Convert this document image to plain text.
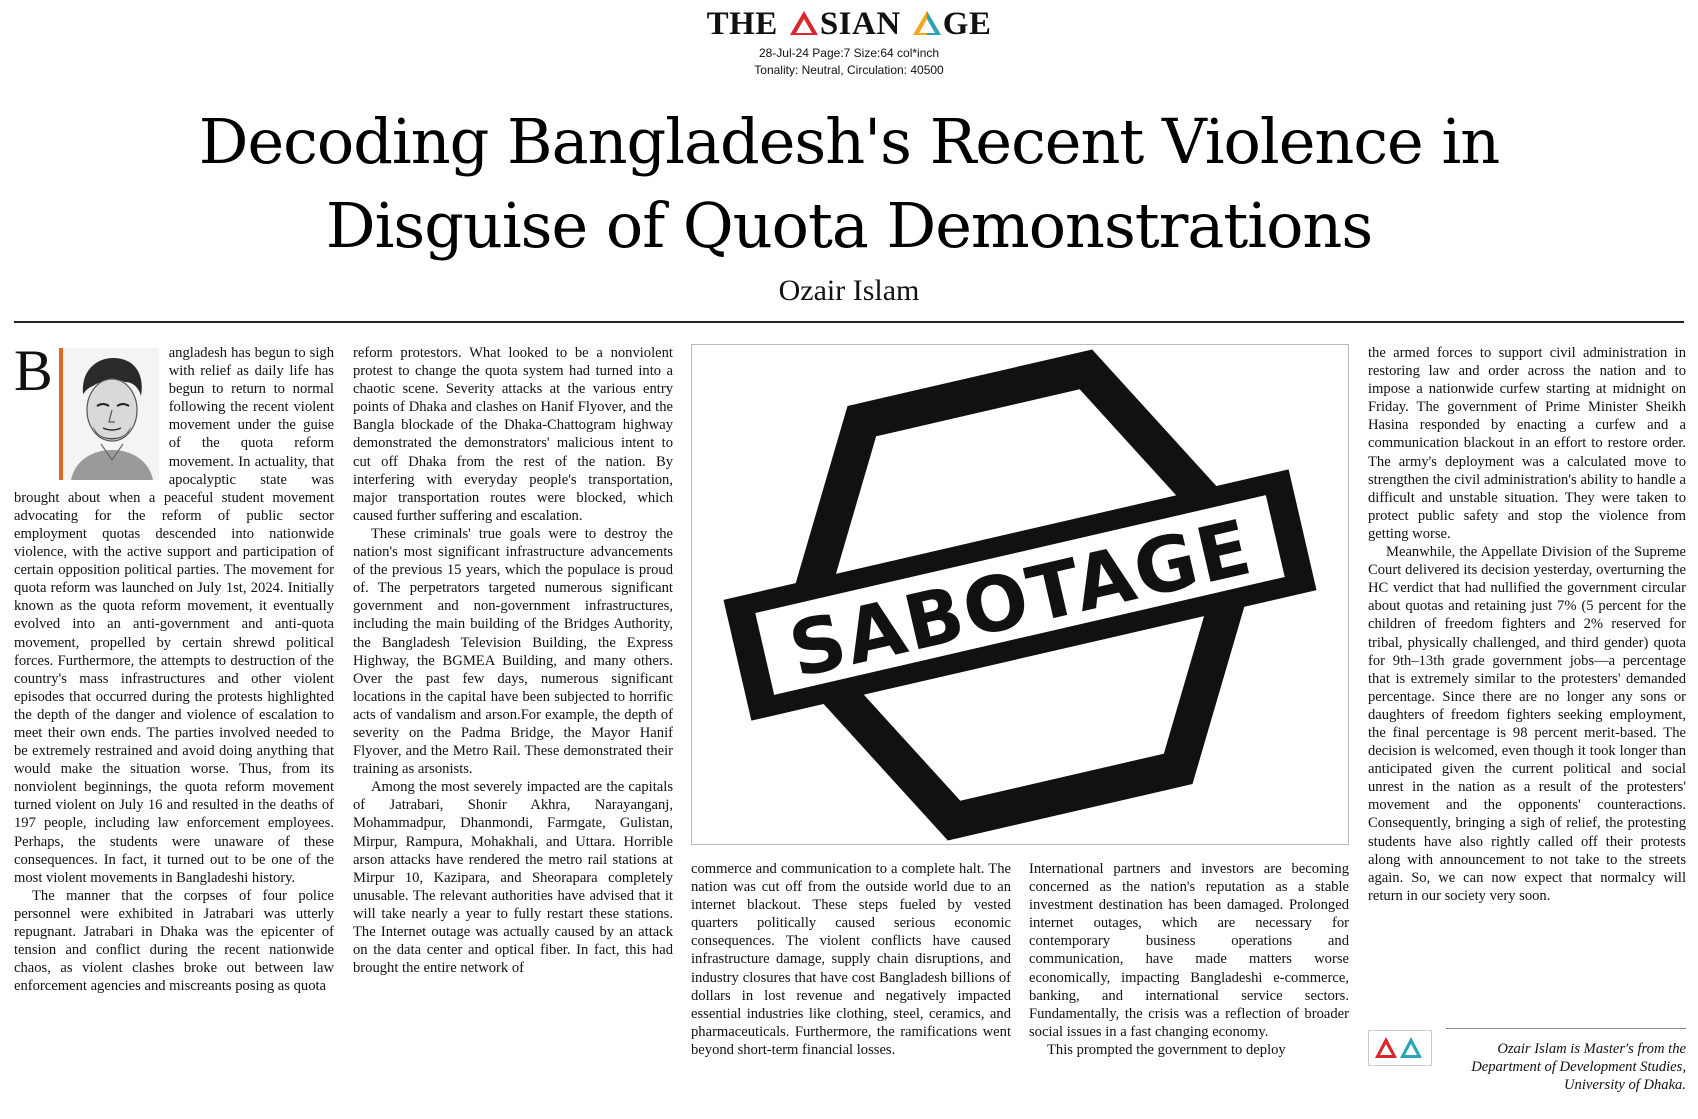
THE SIAN GE
28-Jul-24 Page:7 Size:64 col*inch
Tonality: Neutral, Circulation: 40500
Decoding Bangladesh's Recent Violence in
Disguise of Quota Demonstrations
Ozair Islam
B	angladesh has begun to sigh with relief as daily life has begun to return to normal following the recent violent movement under the guise of the quota reform movement. In actuality, that apocalyptic state was brought about when a peaceful student movement advocating for the reform of public sector employment quotas descended into nationwide violence, with the active support and participation of certain opposition political parties. The movement for quota reform was launched on July 1st, 2024. Initially known as the quota reform movement, it eventually evolved into an anti-government and anti-quota movement, propelled by certain shrewd political forces. Furthermore, the attempts to destruction of the country's mass infrastructures and other violent episodes that occurred during the protests highlighted the depth of the danger and violence of escalation to meet their own ends. The parties involved needed to be extremely restrained and avoid doing anything that would make the situation worse. Thus, from its nonviolent beginnings, the quota reform movement turned violent on July 16 and resulted in the deaths of 197 people, including law enforcement employees. Perhaps, the students were unaware of these consequences. In fact, it turned out to be one of the most violent movements in Bangladeshi history.

The manner that the corpses of four police personnel were exhibited in Jatrabari was utterly repugnant. Jatrabari in Dhaka was the epicenter of tension and conflict during the recent nationwide chaos, as violent clashes broke out between law enforcement agencies and miscreants posing as quota

reform protestors. What looked to be a nonviolent protest to change the quota system had turned into a chaotic scene. Severity attacks at the various entry points of Dhaka and clashes on Hanif Flyover, and the Bangla blockade of the Dhaka-Chattogram highway demonstrated the demonstrators' malicious intent to cut off Dhaka from the rest of the nation. By interfering with everyday people's transportation, major transportation routes were blocked, which caused further suffering and escalation.

These criminals' true goals were to destroy the nation's most significant infrastructure advancements of the previous 15 years, which the populace is proud of. The perpetrators targeted numerous significant government and non-government infrastructures, including the main building of the Bridges Authority, the Bangladesh Television Building, the Express Highway, the BGMEA Building, and many others. Over the past few days, numerous significant locations in the capital have been subjected to horrific acts of vandalism and arson.For example, the depth of severity on the Padma Bridge, the Mayor Hanif Flyover, and the Metro Rail. These demonstrated their training as arsonists.

Among the most severely impacted are the capitals of Jatrabari, Shonir Akhra, Narayanganj, Mohammadpur, Dhanmondi, Farmgate, Gulistan, Mirpur, Rampura, Mohakhali, and Uttara. Horrible arson attacks have rendered the metro rail stations at Mirpur 10, Kazipara, and Sheorapara completely unusable. The relevant authorities have advised that it will take nearly a year to fully restart these stations. The Internet outage was actually caused by an attack on the data center and optical fiber. In fact, this had brought the entire network of

SABOTAGE

commerce and communication to a complete halt. The nation was cut off from the outside world due to an internet blackout. These steps fueled by vested quarters politically caused serious economic consequences. The violent conflicts have caused infrastructure damage, supply chain disruptions, and industry closures that have cost Bangladesh billions of dollars in lost revenue and negatively impacted essential industries like clothing, steel, ceramics, and pharmaceuticals. Furthermore, the ramifications went beyond short-term financial losses.

International partners and investors are becoming concerned as the nation's reputation as a stable investment destination has been damaged. Prolonged internet outages, which are necessary for contemporary business operations and communication, have made matters worse economically, impacting Bangladeshi e-commerce, banking, and international service sectors. Fundamentally, the crisis was a reflection of broader social issues in a fast changing economy.

This prompted the government to deploy

the armed forces to support civil administration in restoring law and order across the nation and to impose a nationwide curfew starting at midnight on Friday. The government of Prime Minister Sheikh Hasina responded by enacting a curfew and a communication blackout in an effort to restore order. The army's deployment was a calculated move to strengthen the civil administration's ability to handle a difficult and unstable situation. They were taken to protect public safety and stop the violence from getting worse.

Meanwhile, the Appellate Division of the Supreme Court delivered its decision yesterday, overturning the HC verdict that had nullified the government circular about quotas and retaining just 7% (5 percent for the children of freedom fighters and 2% reserved for tribal, physically challenged, and third gender) quota for 9th–13th grade government jobs—a percentage that is extremely similar to the protesters' demanded percentage. Since there are no longer any sons or daughters of freedom fighters seeking employment, the final percentage is 98 percent merit-based. The decision is welcomed, even though it took longer than anticipated given the current political and social unrest in the nation as a result of the protesters' movement and the opponents' counteractions. Consequently, bringing a sigh of relief, the protesting students have also rightly called off their protests along with announcement to not take to the streets again. So, we can now expect that normalcy will return in our society very soon.

Ozair Islam is Master's from the Department of Development Studies, University of Dhaka.
